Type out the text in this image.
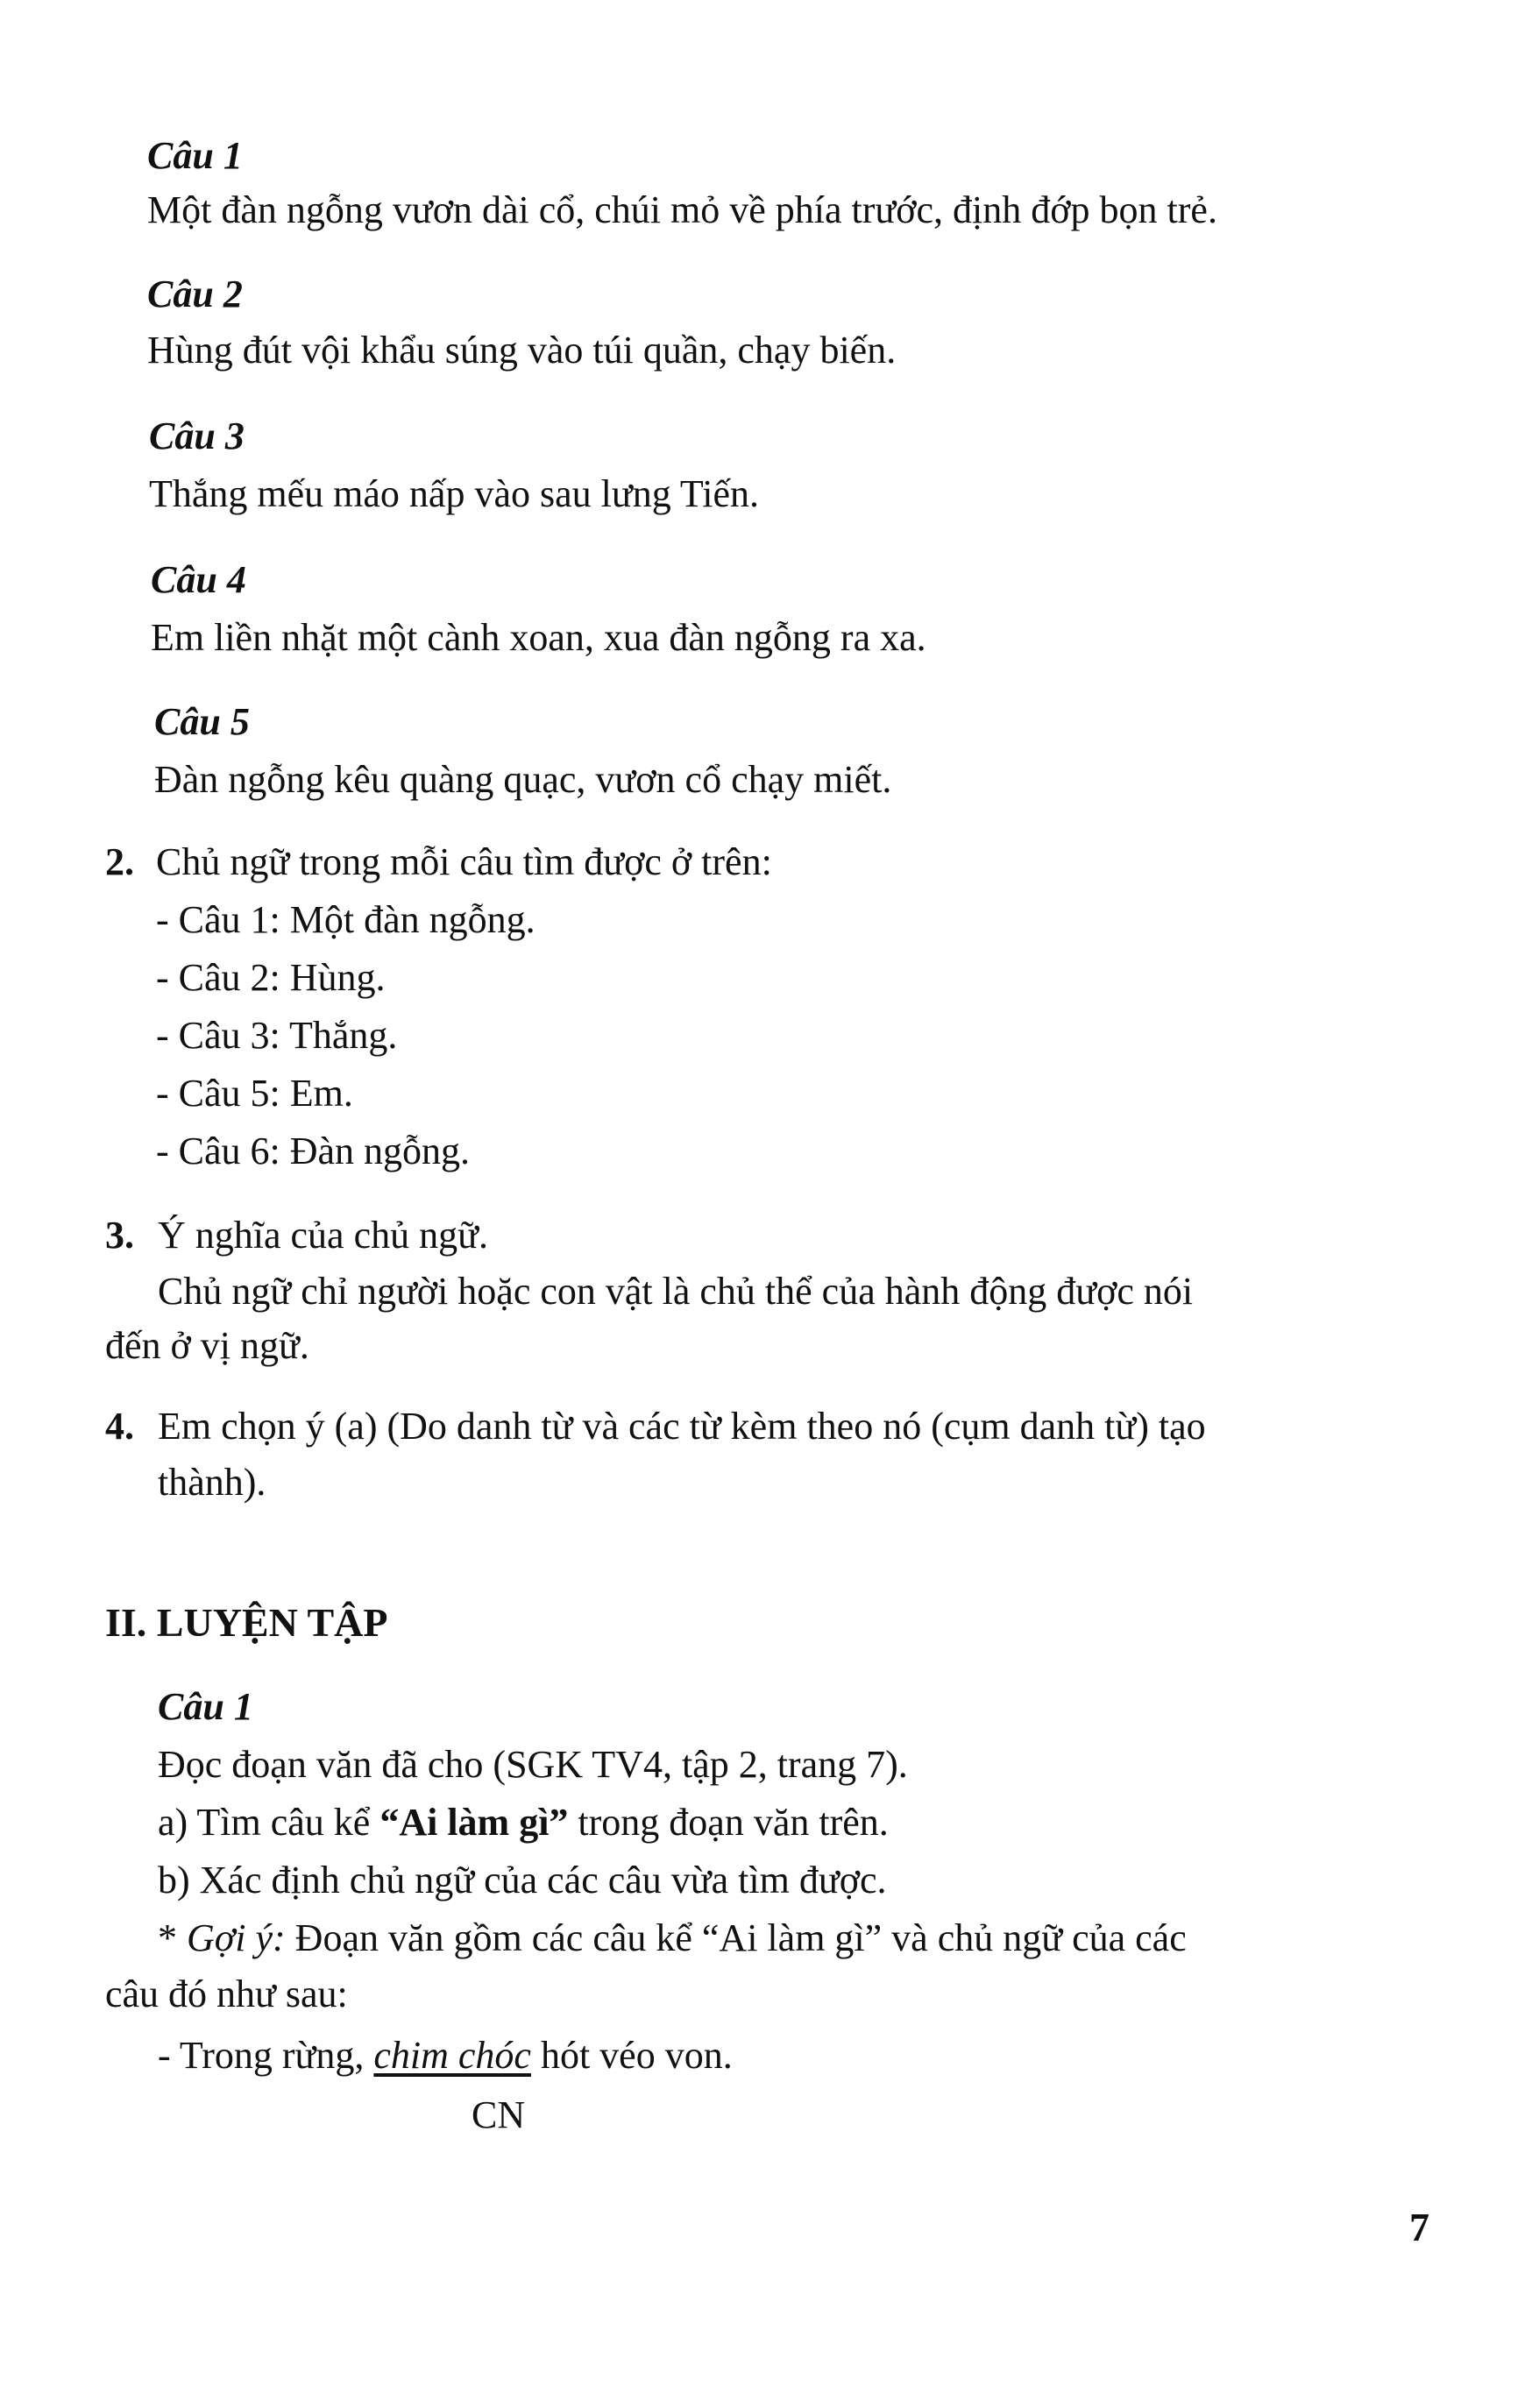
Câu 1
Một đàn ngỗng vươn dài cổ, chúi mỏ về phía trước, định đớp bọn trẻ.
Câu 2
Hùng đút vội khẩu súng vào túi quần, chạy biến.
Câu 3
Thắng mếu máo nấp vào sau lưng Tiến.
Câu 4
Em liền nhặt một cành xoan, xua đàn ngỗng ra xa.
Câu 5
Đàn ngỗng kêu quàng quạc, vươn cổ chạy miết.
2. Chủ ngữ trong mỗi câu tìm được ở trên:
- Câu 1: Một đàn ngỗng.
- Câu 2: Hùng.
- Câu 3: Thắng.
- Câu 5: Em.
- Câu 6: Đàn ngỗng.
3. Ý nghĩa của chủ ngữ.
Chủ ngữ chỉ người hoặc con vật là chủ thể của hành động được nói
đến ở vị ngữ.
4. Em chọn ý (a) (Do danh từ và các từ kèm theo nó (cụm danh từ) tạo
thành).
II. LUYỆN TẬP
Câu 1
Đọc đoạn văn đã cho (SGK TV4, tập 2, trang 7).
a) Tìm câu kể “Ai làm gì” trong đoạn văn trên.
b) Xác định chủ ngữ của các câu vừa tìm được.
* Gợi ý: Đoạn văn gồm các câu kể “Ai làm gì” và chủ ngữ của các
câu đó như sau:
- Trong rừng, chim chóc hót véo von.
CN
7
